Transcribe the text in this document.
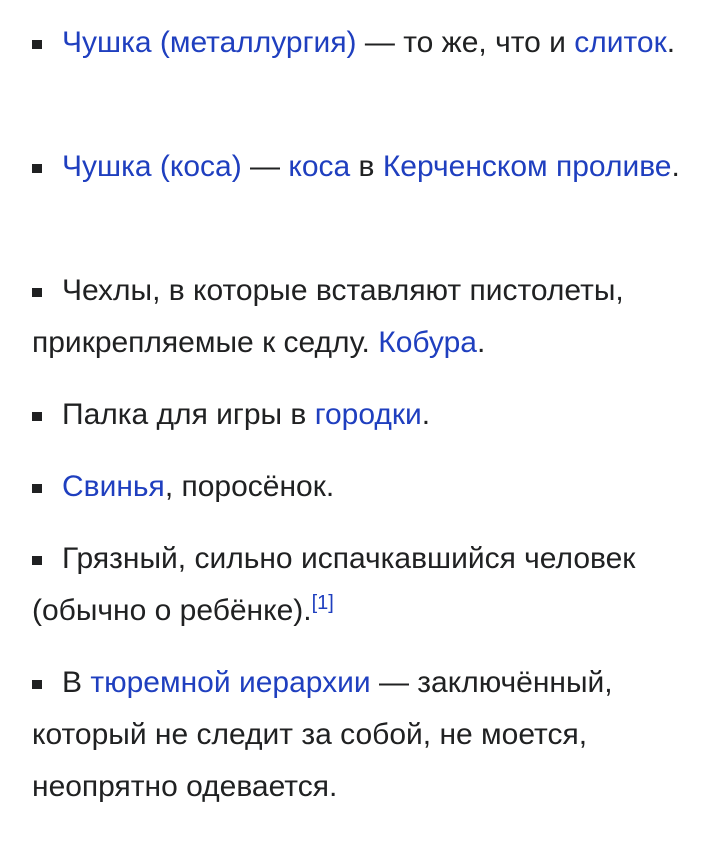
Чушка (металлургия) — то же, что и слиток.
Чушка (коса) — коса в Керченском проливе.
Чехлы, в которые вставляют пистолеты, прикрепляемые к седлу. Кобура.
Палка для игры в городки.
Свинья, поросёнок.
Грязный, сильно испачкавшийся человек (обычно о ребёнке).[1]
В тюремной иерархии — заключённый, который не следит за собой, не моется, неопрятно одевается.
